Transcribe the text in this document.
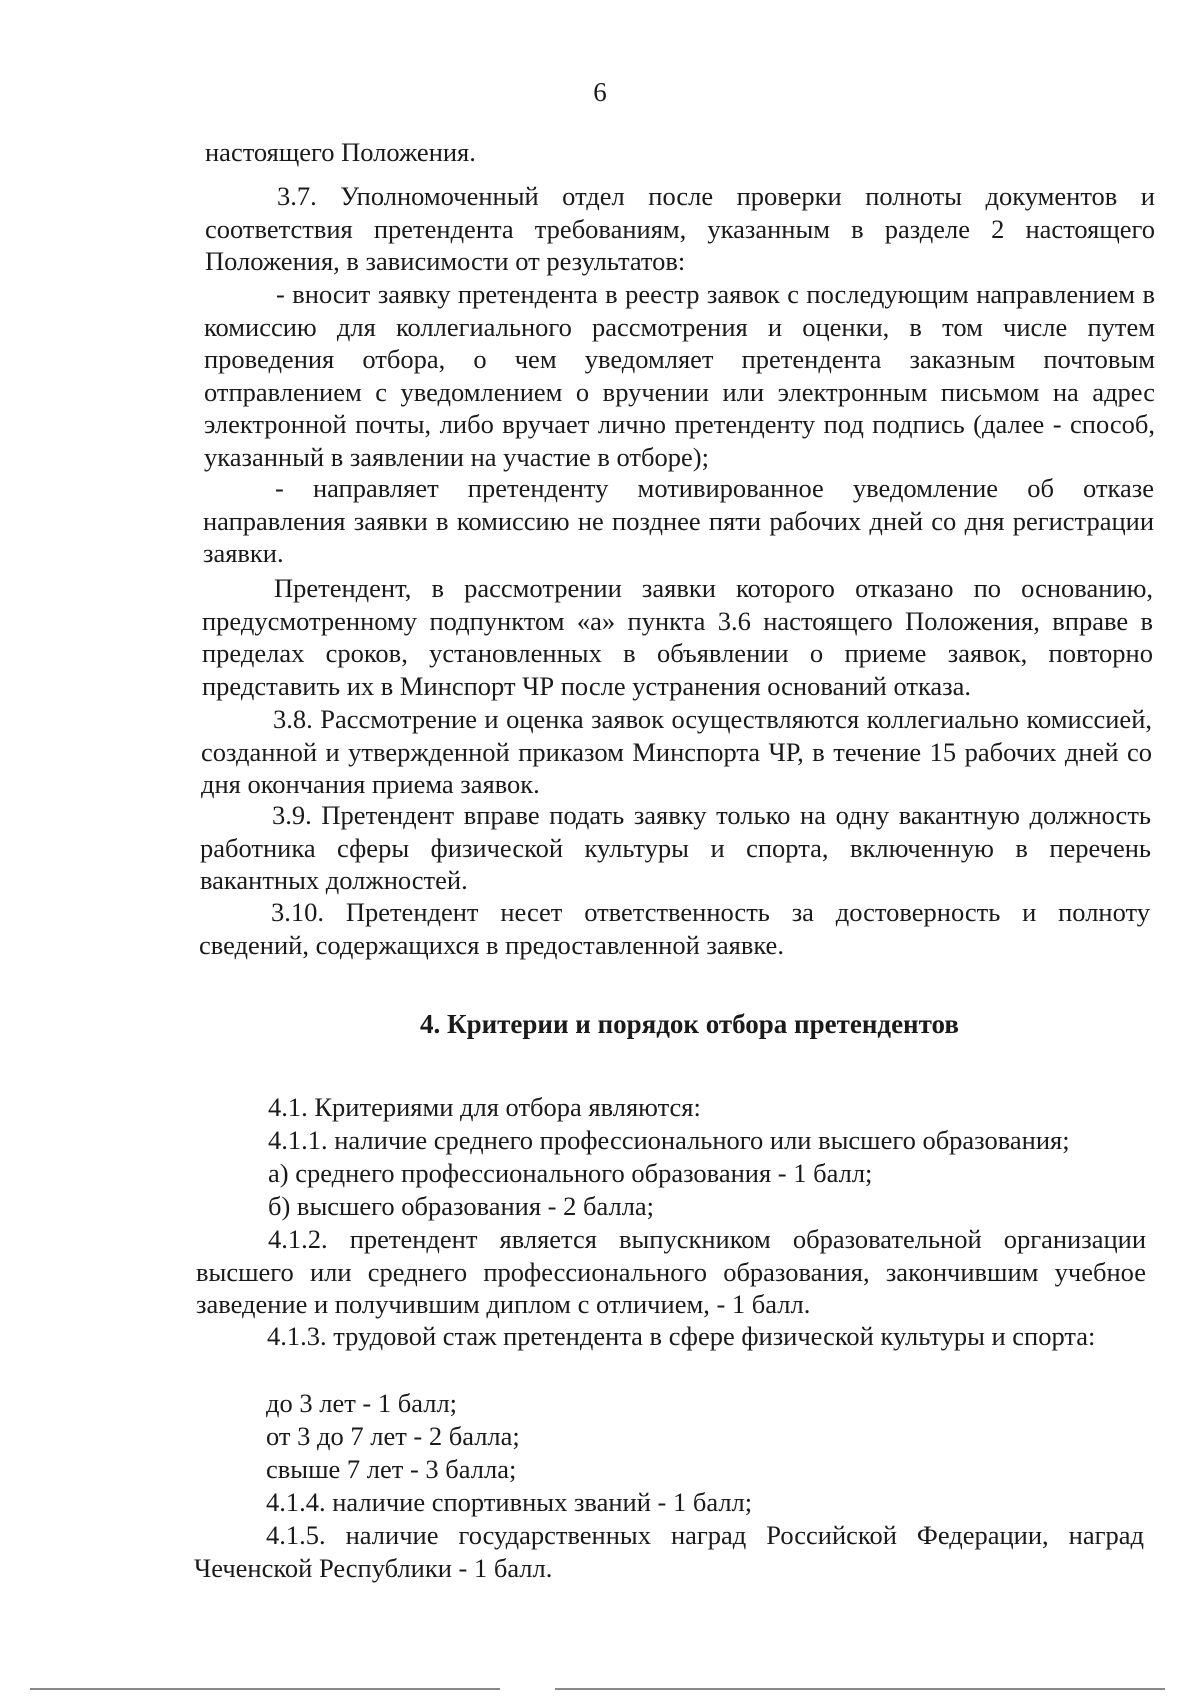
6

настоящего Положения.

3.7. Уполномоченный отдел после проверки полноты документов и соответствия претендента требованиям, указанным в разделе 2 настоящего Положения, в зависимости от результатов:

- вносит заявку претендента в реестр заявок с последующим направлением в комиссию для коллегиального рассмотрения и оценки, в том числе путем проведения отбора, о чем уведомляет претендента заказным почтовым отправлением с уведомлением о вручении или электронным письмом на адрес электронной почты, либо вручает лично претенденту под подпись (далее - способ, указанный в заявлении на участие в отборе);

- направляет претенденту мотивированное уведомление об отказе направления заявки в комиссию не позднее пяти рабочих дней со дня регистрации заявки.

Претендент, в рассмотрении заявки которого отказано по основанию, предусмотренному подпунктом «а» пункта 3.6 настоящего Положения, вправе в пределах сроков, установленных в объявлении о приеме заявок, повторно представить их в Минспорт ЧР после устранения оснований отказа.

3.8. Рассмотрение и оценка заявок осуществляются коллегиально комиссией, созданной и утвержденной приказом Минспорта ЧР, в течение 15 рабочих дней со дня окончания приема заявок.

3.9. Претендент вправе подать заявку только на одну вакантную должность работника сферы физической культуры и спорта, включенную в перечень вакантных должностей.

3.10. Претендент несет ответственность за достоверность и полноту сведений, содержащихся в предоставленной заявке.

4. Критерии и порядок отбора претендентов

4.1. Критериями для отбора являются:

4.1.1. наличие среднего профессионального или высшего образования;

а) среднего профессионального образования - 1 балл;

б) высшего образования - 2 балла;

4.1.2. претендент является выпускником образовательной организации высшего или среднего профессионального образования, закончившим учебное заведение и получившим диплом с отличием, - 1 балл.

4.1.3. трудовой стаж претендента в сфере физической культуры и спорта:

до 3 лет - 1 балл;

от 3 до 7 лет - 2 балла;

свыше 7 лет - 3 балла;

4.1.4. наличие спортивных званий - 1 балл;

4.1.5. наличие государственных наград Российской Федерации, наград Чеченской Республики - 1 балл.
